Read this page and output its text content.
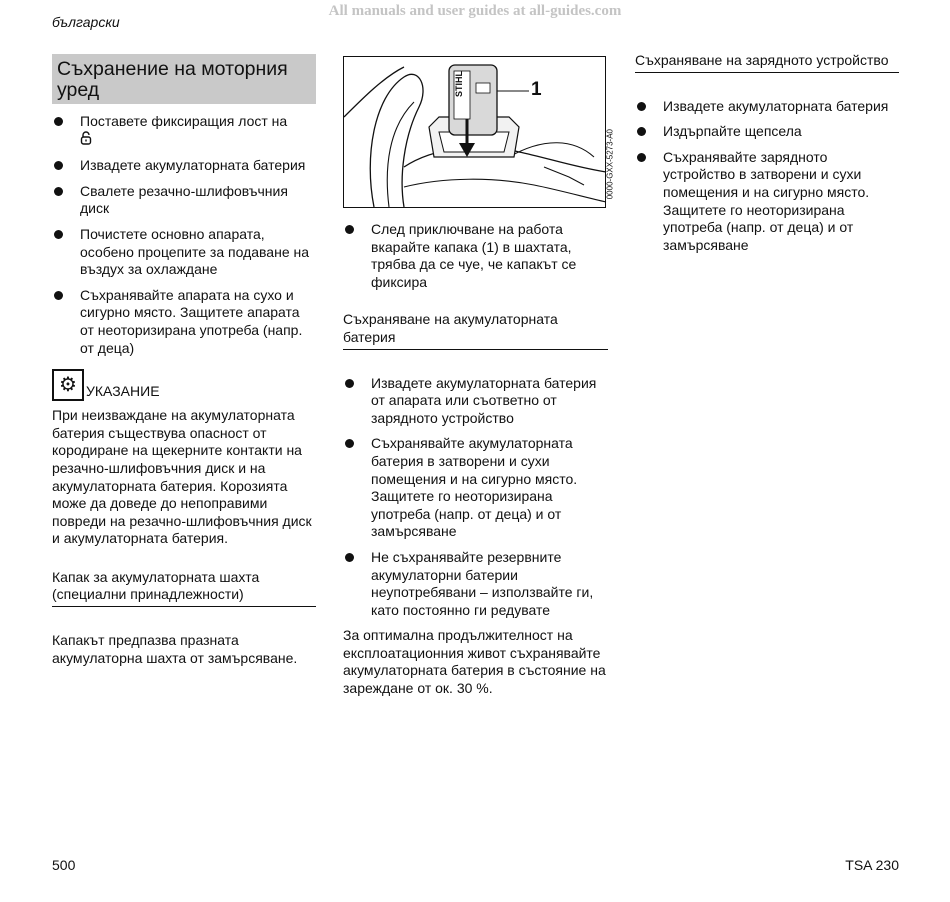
All manuals and user guides at all-guides.com
български
Съхранение на моторния уред
Поставете фиксиращия лост на

Извадете акумулаторната батерия
Свалете резачно-шлифовъчния диск
Почистете основно апарата, особено процепите за подаване на въздух за охлаждане
Съхранявайте апарата на сухо и сигурно място. Защитете апарата от неоторизирана употреба (напр. от деца)
⚙ УКАЗАНИЕ
При неизваждане на акумулаторната батерия съществува опасност от кородиране на щекерните контакти на резачно-шлифовъчния диск и на акумулаторната батерия. Корозията може да доведе до непоправими повреди на резачно-шлифовъчния диск и акумулаторната батерия.
Капак за акумулаторната шахта (специални принадлежности)
Капакът предпазва празната акумулаторна шахта от замърсяване.
STIHL	1
0000-GXX-5273-A0
След приключване на работа вкарайте капака (1) в шахтата, трябва да се чуе, че капакът се фиксира
Съхраняване на акумулаторната батерия
Извадете акумулаторната батерия от апарата или съответно от зарядното устройство
Съхранявайте акумулаторната батерия в затворени и сухи помещения и на сигурно място. Защитете го неоторизирана употреба (напр. от деца) и от замърсяване
Не съхранявайте резервните акумулаторни батерии неупотребявани – използвайте ги, като постоянно ги редувате
За оптимална продължителност на експлоатационния живот съхранявайте акумулаторната батерия в състояние на зареждане от ок. 30 %.
Съхраняване на зарядното устройство
Извадете акумулаторната батерия
Издърпайте щепсела
Съхранявайте зарядното устройство в затворени и сухи помещения и на сигурно място. Защитете го неоторизирана употреба (напр. от деца) и от замърсяване
500	TSA 230
